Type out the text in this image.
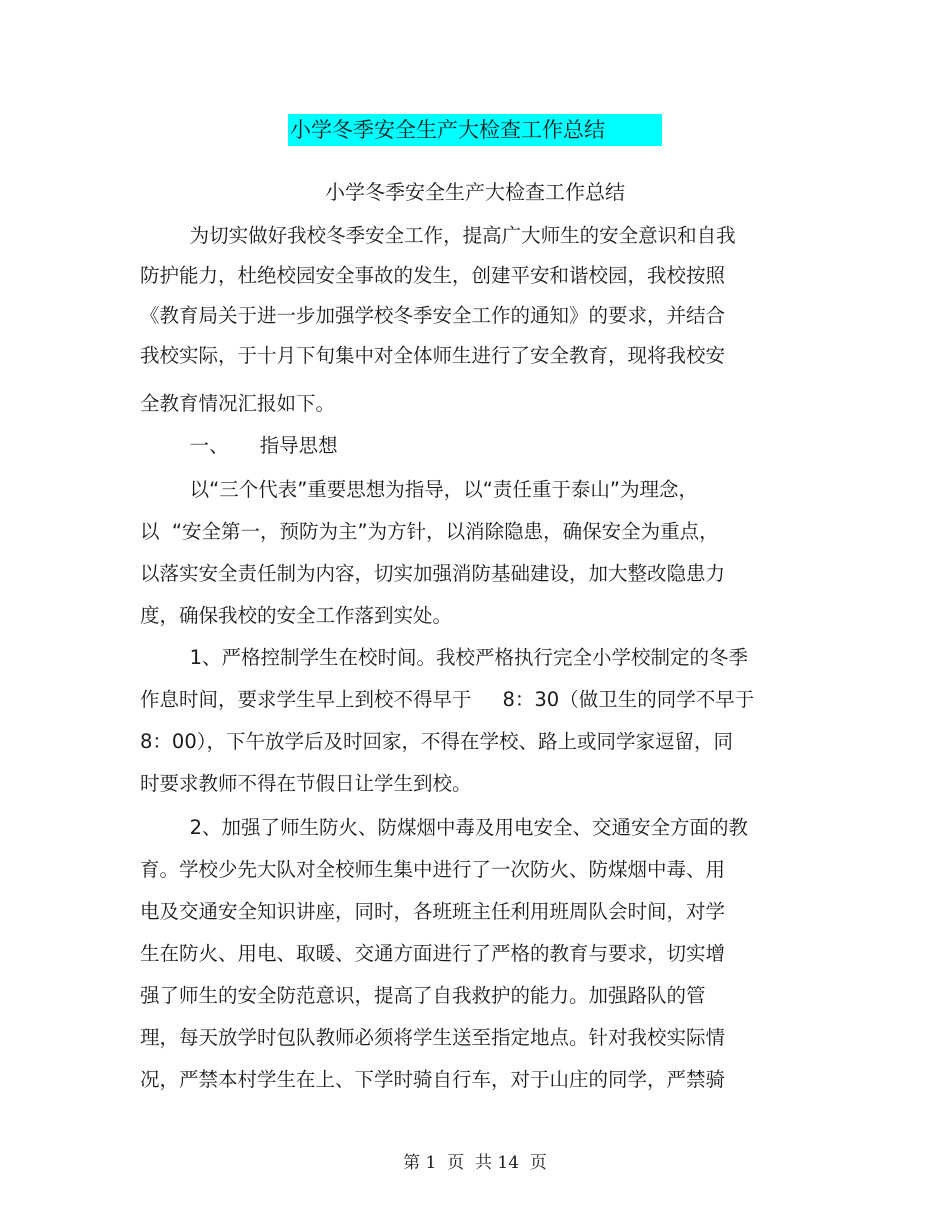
小学冬季安全生产大检查工作总结
小学冬季安全生产大检查工作总结
为切实做好我校冬季安全工作，提高广大师生的安全意识和自我
防护能力，杜绝校园安全事故的发生，创建平安和谐校园，我校按照
《教育局关于进一步加强学校冬季安全工作的通知》的要求，并结合
我校实际，于十月下旬集中对全体师生进行了安全教育，现将我校安
全教育情况汇报如下。
一、     指导思想
以“三个代表”重要思想为指导，以“责任重于泰山”为理念，
以  “安全第一，预防为主”为方针，以消除隐患，确保安全为重点，
以落实安全责任制为内容，切实加强消防基础建设，加大整改隐患力
度，确保我校的安全工作落到实处。
1、严格控制学生在校时间。我校严格执行完全小学校制定的冬季
作息时间，要求学生早上到校不得早于     8：30（做卫生的同学不早于
8：00），下午放学后及时回家，不得在学校、路上或同学家逗留，同
时要求教师不得在节假日让学生到校。
2、加强了师生防火、防煤烟中毒及用电安全、交通安全方面的教
育。学校少先大队对全校师生集中进行了一次防火、防煤烟中毒、用
电及交通安全知识讲座，同时，各班班主任利用班周队会时间，对学
生在防火、用电、取暖、交通方面进行了严格的教育与要求，切实增
强了师生的安全防范意识，提高了自我救护的能力。加强路队的管
理，每天放学时包队教师必须将学生送至指定地点。针对我校实际情
况，严禁本村学生在上、下学时骑自行车，对于山庄的同学，严禁骑
第 1  页  共 14  页
